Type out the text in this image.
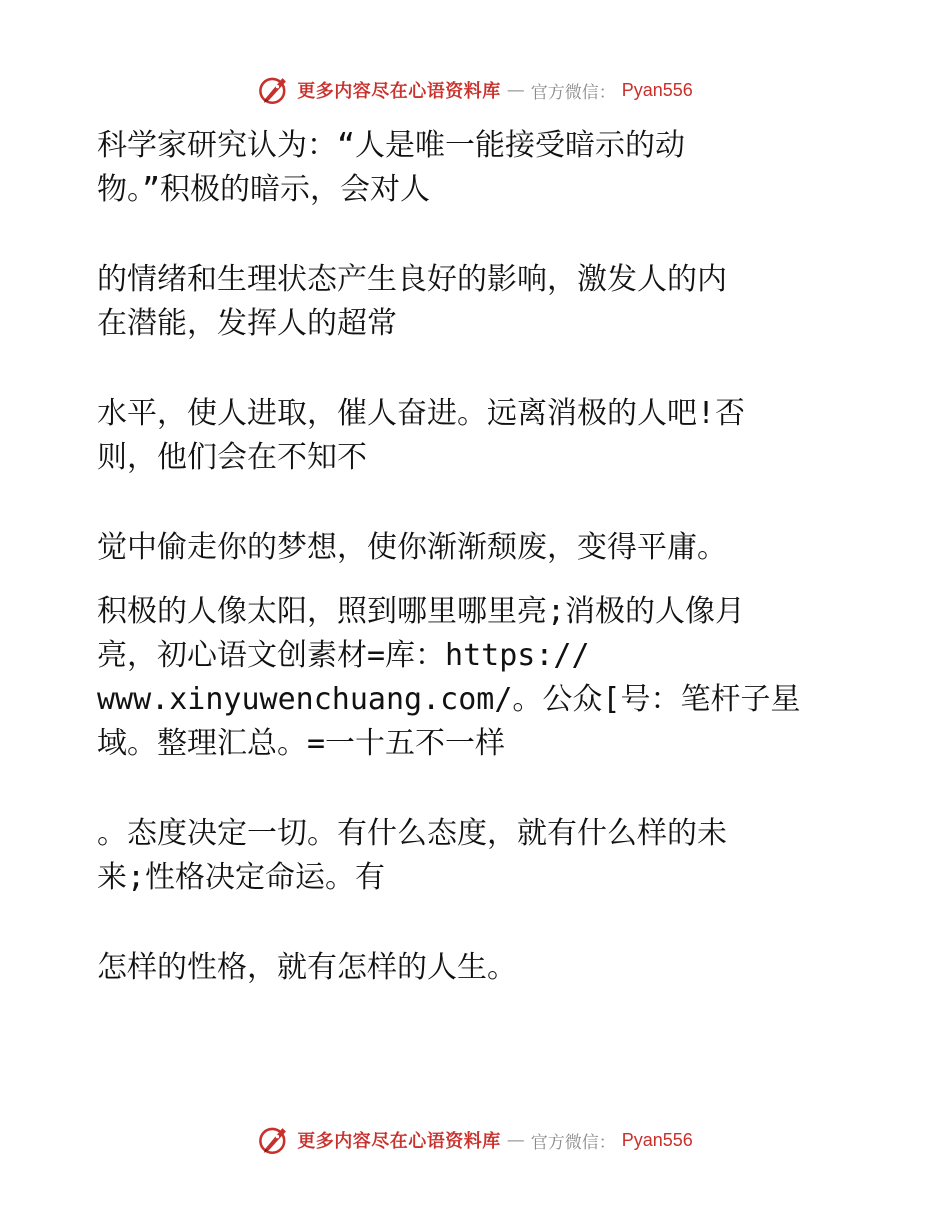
更多内容尽在心语资料库 — 官方微信： Pyan556

科学家研究认为：“人是唯一能接受暗示的动
物。”积极的暗示，会对人

的情绪和生理状态产生良好的影响，激发人的内
在潜能，发挥人的超常

水平，使人进取，催人奋进。远离消极的人吧!否
则，他们会在不知不

觉中偷走你的梦想，使你渐渐颓废，变得平庸。

积极的人像太阳，照到哪里哪里亮;消极的人像月
亮，初心语文创素材=库：https://
www.xinyuwenchuang.com/。公众[号：笔杆子星
域。整理汇总。=一十五不一样

。态度决定一切。有什么态度，就有什么样的未
来;性格决定命运。有

怎样的性格，就有怎样的人生。

更多内容尽在心语资料库 — 官方微信： Pyan556
